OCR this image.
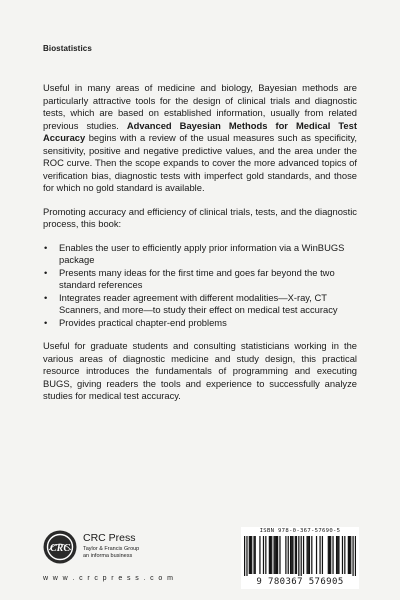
Biostatistics

Useful in many areas of medicine and biology, Bayesian methods are particularly attractive tools for the design of clinical trials and diagnostic tests, which are based on established information, usually from related previous studies. Advanced Bayesian Methods for Medical Test Accuracy begins with a review of the usual measures such as specificity, sensitivity, positive and negative predictive values, and the area under the ROC curve. Then the scope expands to cover the more advanced topics of verification bias, diagnostic tests with imperfect gold standards, and those for which no gold standard is available.

Promoting accuracy and efficiency of clinical trials, tests, and the diagnostic process, this book:

• Enables the user to efficiently apply prior information via a WinBUGS package
• Presents many ideas for the first time and goes far beyond the two standard references
• Integrates reader agreement with different modalities—X-ray, CT Scanners, and more—to study their effect on medical test accuracy
• Provides practical chapter-end problems

Useful for graduate students and consulting statisticians working in the various areas of diagnostic medicine and study design, this practical resource introduces the fundamentals of programming and executing BUGS, giving readers the tools and experience to successfully analyze studies for medical test accuracy.

CRC
CRC Press
Taylor & Francis Group
an informa business
w w w . c r c p r e s s . c o m
ISBN 978-0-367-57690-5
9 780367 576905
